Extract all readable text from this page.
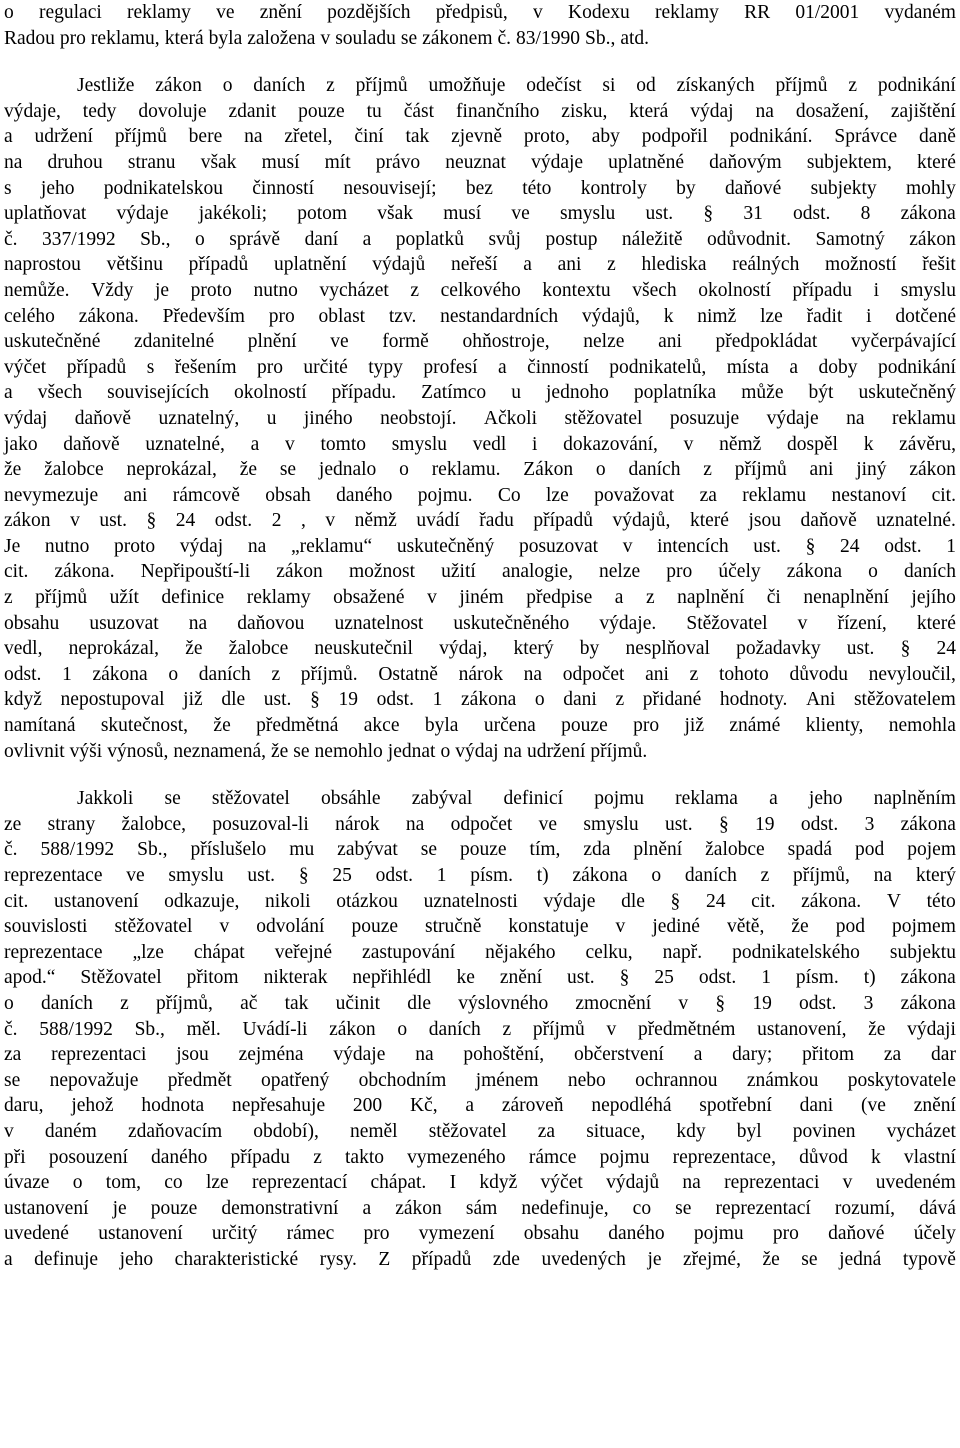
o regulaci reklamy ve znění pozdějších předpisů, v Kodexu reklamy RR 01/2001 vydaném
Radou pro reklamu, která byla založena v souladu se zákonem č. 83/1990 Sb., atd.
Jestliže zákon o daních z příjmů umožňuje odečíst si od získaných příjmů z podnikání
výdaje, tedy dovoluje zdanit pouze tu část finančního zisku, která výdaj na dosažení, zajištění
a udržení příjmů bere na zřetel, činí tak zjevně proto, aby podpořil podnikání. Správce daně
na druhou stranu však musí mít právo neuznat výdaje uplatněné daňovým subjektem, které
s jeho podnikatelskou činností nesouvisejí; bez této kontroly by daňové subjekty mohly
uplatňovat výdaje jakékoli; potom však musí ve smyslu ust. § 31 odst. 8 zákona
č. 337/1992 Sb., o správě daní a poplatků svůj postup náležitě odůvodnit. Samotný zákon
naprostou většinu případů uplatnění výdajů neřeší a ani z hlediska reálných možností řešit
nemůže. Vždy je proto nutno vycházet z celkového kontextu všech okolností případu i smyslu
celého zákona. Především pro oblast tzv. nestandardních výdajů, k nimž lze řadit i dotčené
uskutečněné zdanitelné plnění ve formě ohňostroje, nelze ani předpokládat vyčerpávající
výčet případů s řešením pro určité typy profesí a činností podnikatelů, místa a doby podnikání
a všech souvisejících okolností případu. Zatímco u jednoho poplatníka může být uskutečněný
výdaj daňově uznatelný, u jiného neobstojí. Ačkoli stěžovatel posuzuje výdaje na reklamu
jako daňově uznatelné, a v tomto smyslu vedl i dokazování, v němž dospěl k závěru,
že žalobce neprokázal, že se jednalo o reklamu. Zákon o daních z příjmů ani jiný zákon
nevymezuje ani rámcově obsah daného pojmu. Co lze považovat za reklamu nestanoví cit.
zákon v ust. § 24 odst. 2 , v němž uvádí řadu případů výdajů, které jsou daňově uznatelné.
Je nutno proto výdaj na „reklamu“ uskutečněný posuzovat v intencích ust. § 24 odst. 1
cit. zákona. Nepřipouští-li zákon možnost užití analogie, nelze pro účely zákona o daních
z příjmů užít definice reklamy obsažené v jiném předpise a z naplnění či nenaplnění jejího
obsahu usuzovat na daňovou uznatelnost uskutečněného výdaje. Stěžovatel v řízení, které
vedl, neprokázal, že žalobce neuskutečnil výdaj, který by nesplňoval požadavky ust. § 24
odst. 1 zákona o daních z příjmů. Ostatně nárok na odpočet ani z tohoto důvodu nevyloučil,
když nepostupoval již dle ust. § 19 odst. 1 zákona o dani z přidané hodnoty. Ani stěžovatelem
namítaná skutečnost, že předmětná akce byla určena pouze pro již známé klienty, nemohla
ovlivnit výši výnosů, neznamená, že se nemohlo jednat o výdaj na udržení příjmů.
Jakkoli se stěžovatel obsáhle zabýval definicí pojmu reklama a jeho naplněním
ze strany žalobce, posuzoval-li nárok na odpočet ve smyslu ust. § 19 odst. 3 zákona
č. 588/1992 Sb., příslušelo mu zabývat se pouze tím, zda plnění žalobce spadá pod pojem
reprezentace ve smyslu ust. § 25 odst. 1 písm. t) zákona o daních z příjmů, na který
cit. ustanovení odkazuje, nikoli otázkou uznatelnosti výdaje dle § 24 cit. zákona. V této
souvislosti stěžovatel v odvolání pouze stručně konstatuje v jediné větě, že pod pojmem
reprezentace „lze chápat veřejné zastupování nějakého celku, např. podnikatelského subjektu
apod.“ Stěžovatel přitom nikterak nepřihlédl ke znění ust. § 25 odst. 1 písm. t) zákona
o daních z příjmů, ač tak učinit dle výslovného zmocnění v § 19 odst. 3 zákona
č. 588/1992 Sb., měl. Uvádí-li zákon o daních z příjmů v předmětném ustanovení, že výdaji
za reprezentaci jsou zejména výdaje na pohoštění, občerstvení a dary; přitom za dar
se nepovažuje předmět opatřený obchodním jménem nebo ochrannou známkou poskytovatele
daru, jehož hodnota nepřesahuje 200 Kč, a zároveň nepodléhá spotřební dani (ve znění
v daném zdaňovacím období), neměl stěžovatel za situace, kdy byl povinen vycházet
při posouzení daného případu z takto vymezeného rámce pojmu reprezentace, důvod k vlastní
úvaze o tom, co lze reprezentací chápat. I když výčet výdajů na reprezentaci v uvedeném
ustanovení je pouze demonstrativní a zákon sám nedefinuje, co se reprezentací rozumí, dává
uvedené ustanovení určitý rámec pro vymezení obsahu daného pojmu pro daňové účely
a definuje jeho charakteristické rysy. Z případů zde uvedených je zřejmé, že se jedná typově
